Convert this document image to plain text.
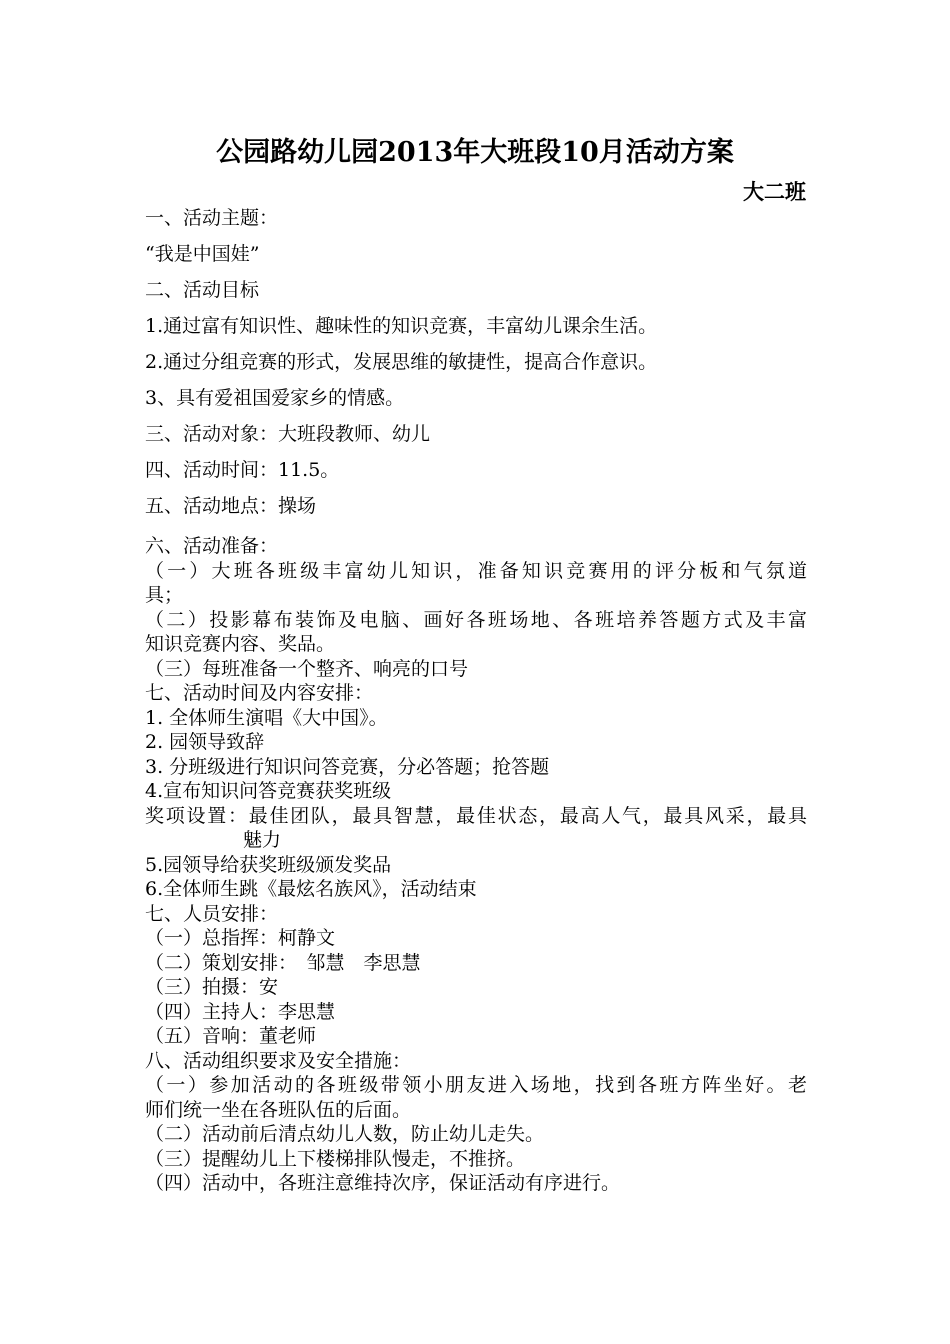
公园路幼儿园2013年大班段10月活动方案
大二班

一、活动主题：

“我是中国娃”

二、活动目标

1.通过富有知识性、趣味性的知识竞赛，丰富幼儿课余生活。

2.通过分组竞赛的形式，发展思维的敏捷性，提高合作意识。

3、具有爱祖国爱家乡的情感。

三、活动对象：大班段教师、幼儿

四、活动时间：11.5。

五、活动地点：操场

六、活动准备：

（一）大班各班级丰富幼儿知识，准备知识竞赛用的评分板和气氛道

具；

（二）投影幕布装饰及电脑、画好各班场地、各班培养答题方式及丰富

知识竞赛内容、奖品。

（三）每班准备一个整齐、响亮的口号

七、活动时间及内容安排：

1. 全体师生演唱《大中国》。

2. 园领导致辞

3. 分班级进行知识问答竞赛，分必答题；抢答题

4.宣布知识问答竞赛获奖班级

奖项设置：最佳团队，最具智慧，最佳状态，最高人气，最具风采，最具

魅力

5.园领导给获奖班级颁发奖品

6.全体师生跳《最炫名族风》，活动结束

七、人员安排：

（一）总指挥：柯静文

（二）策划安排：　邹慧　李思慧

（三）拍摄：安

（四）主持人：李思慧

（五）音响：董老师

八、活动组织要求及安全措施：

（一）参加活动的各班级带领小朋友进入场地，找到各班方阵坐好。老

师们统一坐在各班队伍的后面。

（二）活动前后清点幼儿人数，防止幼儿走失。

（三）提醒幼儿上下楼梯排队慢走，不推挤。

（四）活动中，各班注意维持次序，保证活动有序进行。
